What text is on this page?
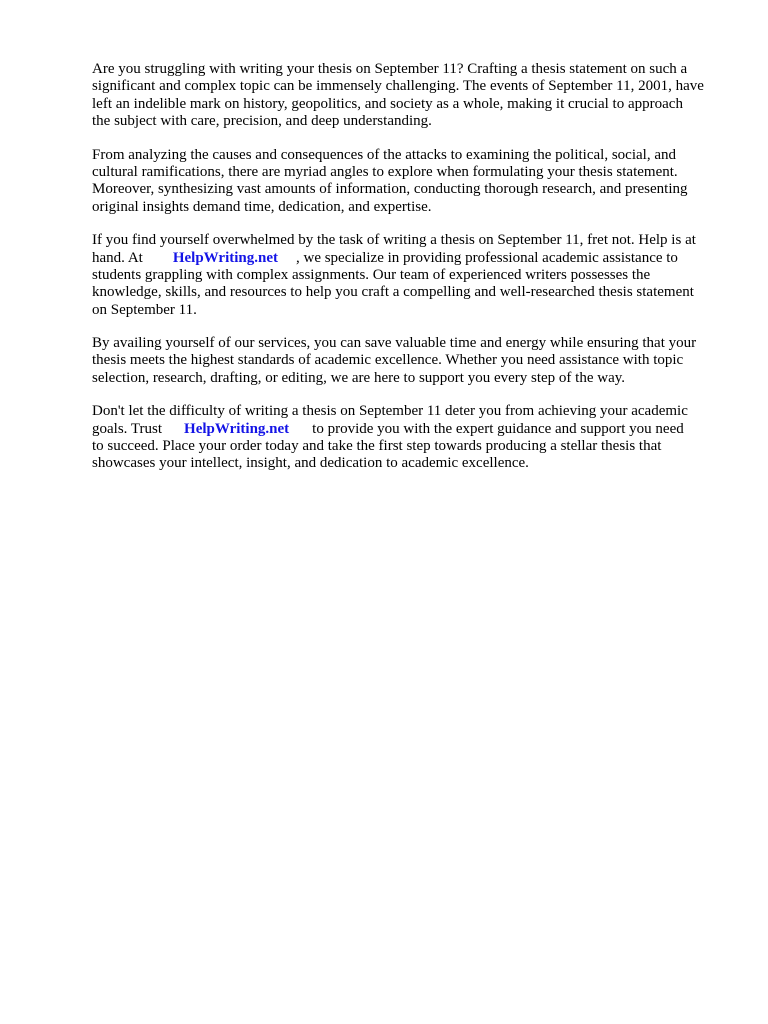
Are you struggling with writing your thesis on September 11? Crafting a thesis statement on such a
significant and complex topic can be immensely challenging. The events of September 11, 2001, have
left an indelible mark on history, geopolitics, and society as a whole, making it crucial to approach
the subject with care, precision, and deep understanding.

From analyzing the causes and consequences of the attacks to examining the political, social, and
cultural ramifications, there are myriad angles to explore when formulating your thesis statement.
Moreover, synthesizing vast amounts of information, conducting thorough research, and presenting
original insights demand time, dedication, and expertise.

If you find yourself overwhelmed by the task of writing a thesis on September 11, fret not. Help is at
hand. At HelpWriting.net , we specialize in providing professional academic assistance to
students grappling with complex assignments. Our team of experienced writers possesses the
knowledge, skills, and resources to help you craft a compelling and well-researched thesis statement
on September 11.

By availing yourself of our services, you can save valuable time and energy while ensuring that your
thesis meets the highest standards of academic excellence. Whether you need assistance with topic
selection, research, drafting, or editing, we are here to support you every step of the way.

Don't let the difficulty of writing a thesis on September 11 deter you from achieving your academic
goals. Trust HelpWriting.net to provide you with the expert guidance and support you need
to succeed. Place your order today and take the first step towards producing a stellar thesis that
showcases your intellect, insight, and dedication to academic excellence.
